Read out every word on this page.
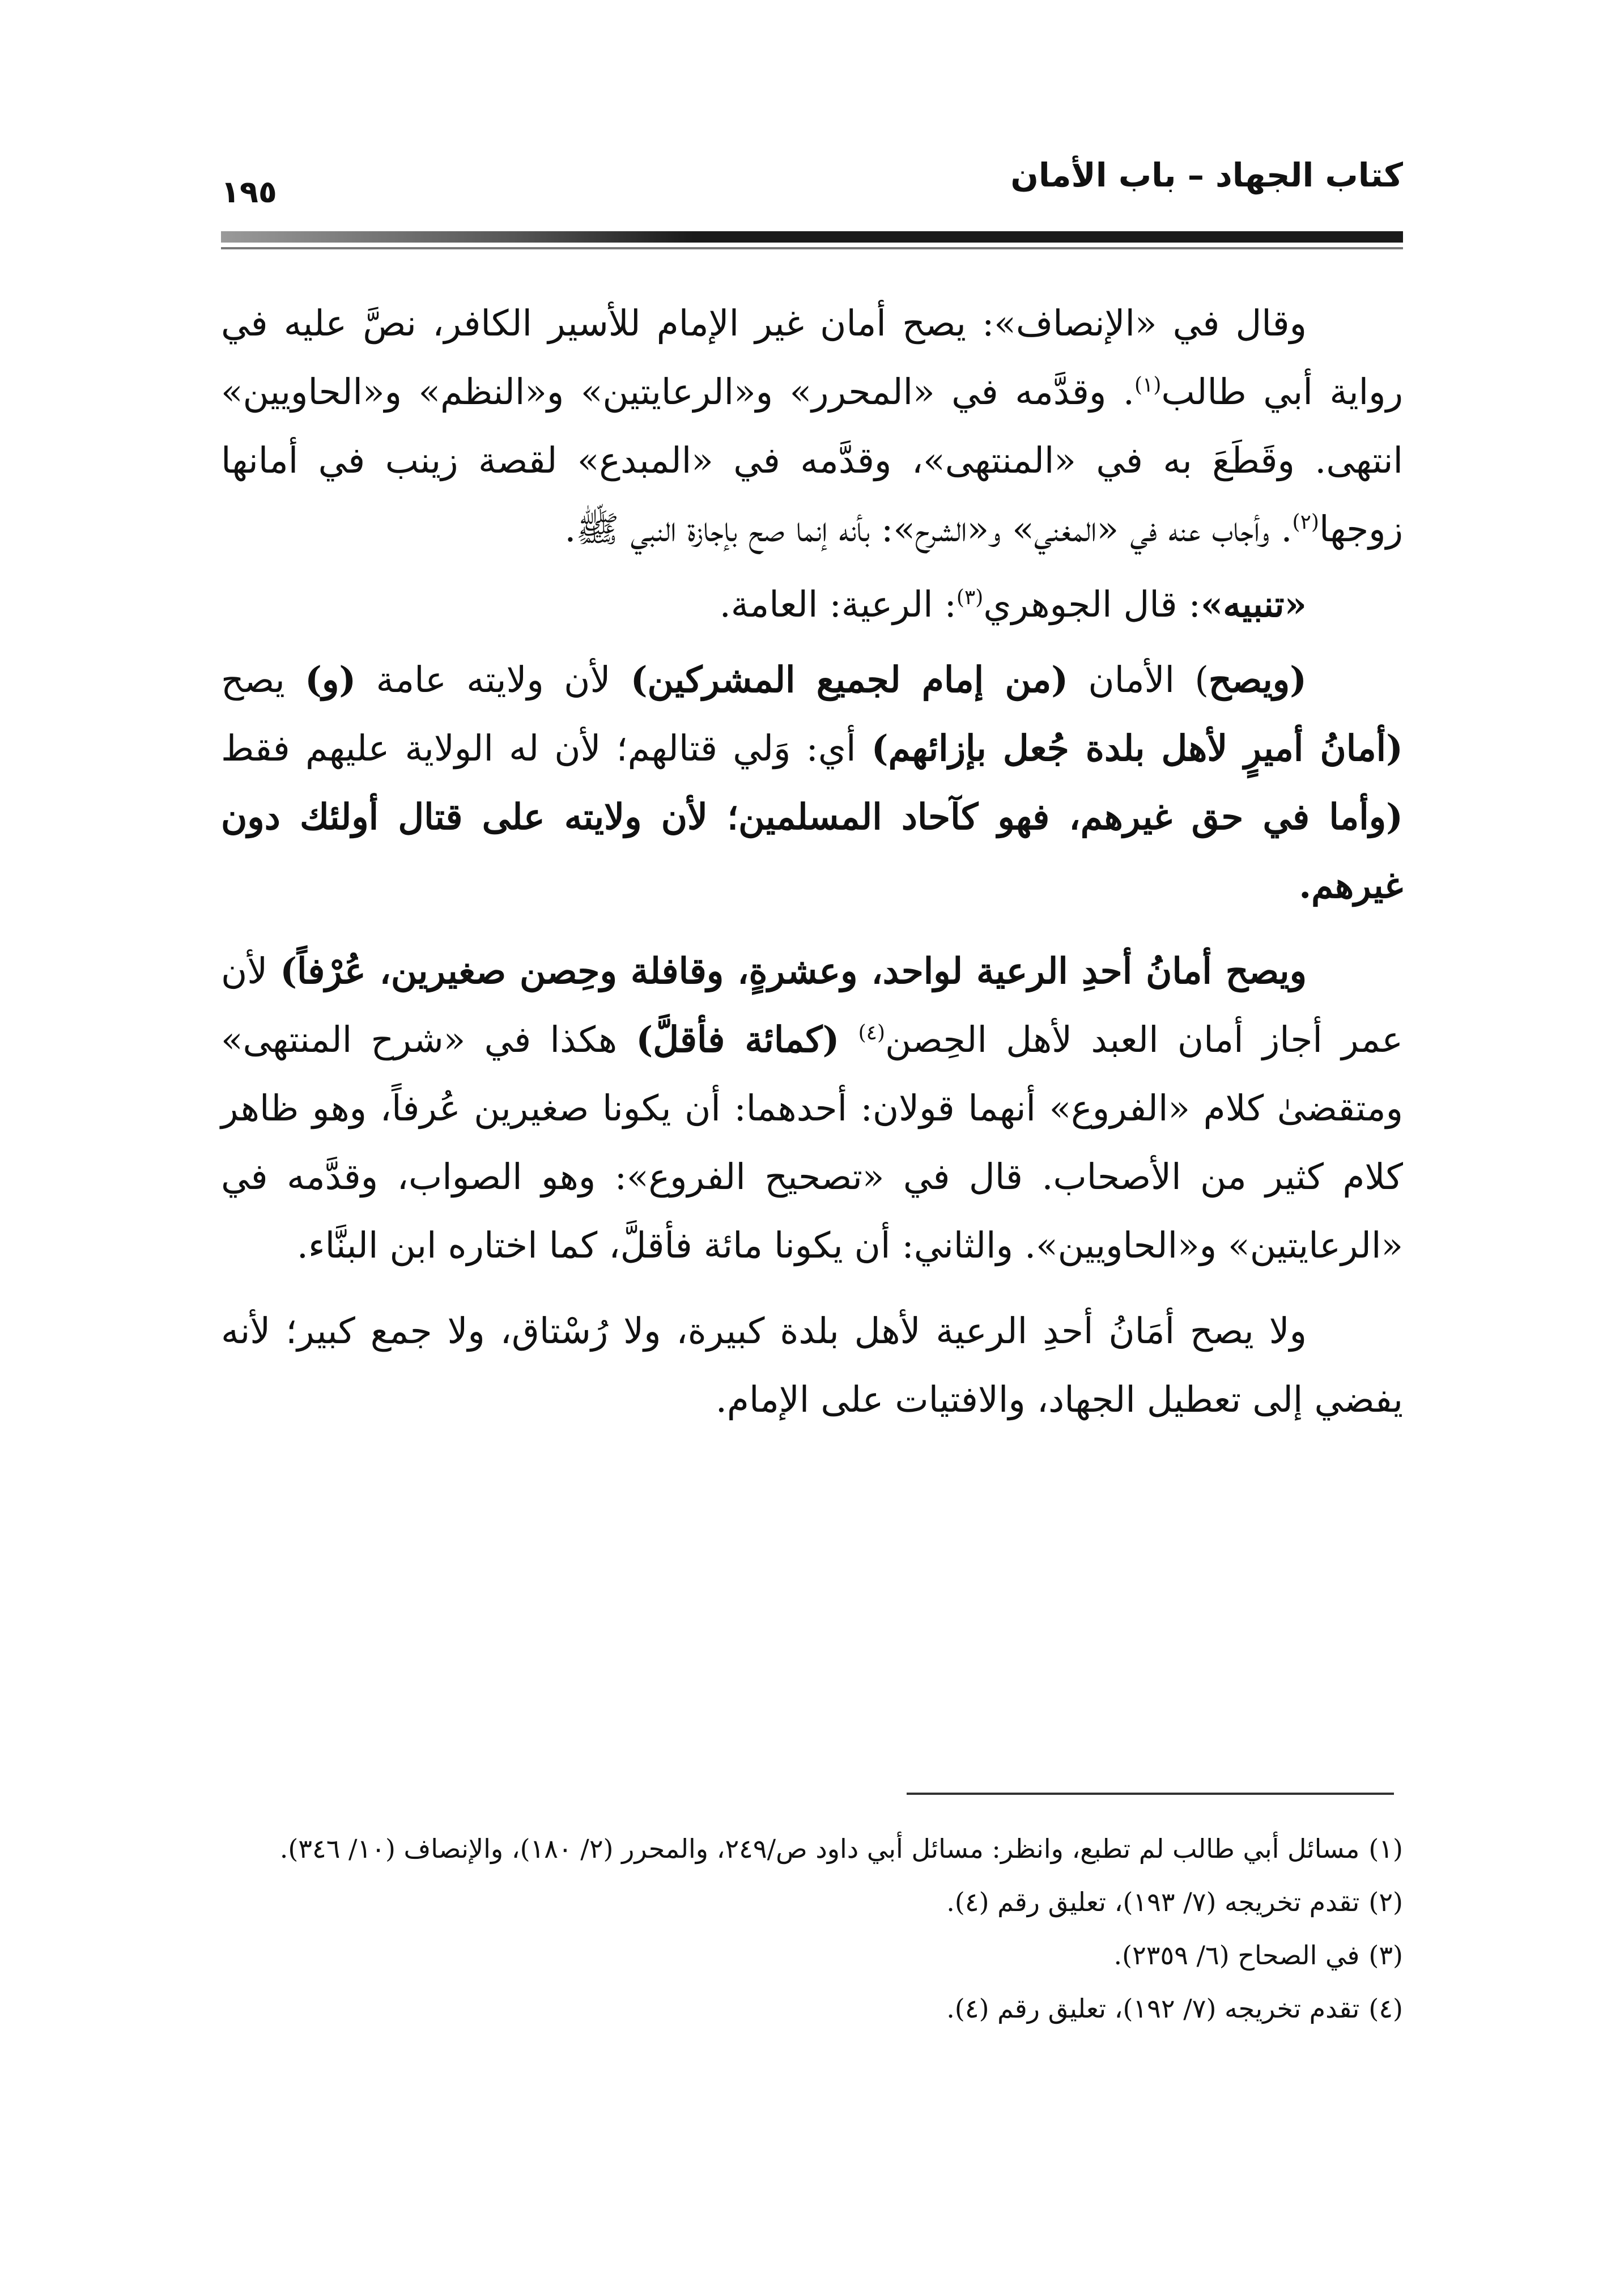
كتاب الجهاد – باب الأمان
١٩٥

وقال في «الإنصاف»: يصح أمان غير الإمام للأسير الكافر، نصَّ عليه في رواية أبي طالب$^{(١)}$. وقدَّمه في «المحرر» و«الرعايتين» و«النظم» و«الحاويين» انتهى. وقَطَعَ به في «المنتهى»، وقدَّمه في «المبدع» لقصة زينب في أمانها زوجها$^{(٢)}$. وأجاب عنه في «المغني» و«الشرح»: بأنه إنما صح بإجازة النبي ﷺ.

«تنبيه»: قال الجوهري$^{(٣)}$: الرعية: العامة.

(ويصح) الأمان (من إمام لجميع المشركين) لأن ولايته عامة (و) يصح (أمانُ أميرٍ لأهل بلدة جُعل بإزائهم) أي: وَلي قتالهم؛ لأن له الولاية عليهم فقط (وأما في حق غيرهم، فهو كآحاد المسلمين؛ لأن ولايته على قتال أولئك دون غيرهم.

ويصح أمانُ أحدِ الرعية لواحد، وعشرةٍ، وقافلة وحِصن صغيرين، عُرْفاً) لأن عمر أجاز أمان العبد لأهل الحِصن$^{(٤)}$ (كمائة فأقلَّ) هكذا في «شرح المنتهى» ومتقضىٰ كلام «الفروع» أنهما قولان: أحدهما: أن يكونا صغيرين عُرفاً، وهو ظاهر كلام كثير من الأصحاب. قال في «تصحيح الفروع»: وهو الصواب، وقدَّمه في «الرعايتين» و«الحاويين». والثاني: أن يكونا مائة فأقلَّ، كما اختاره ابن البنَّاء.

ولا يصح أمَانُ أحدِ الرعية لأهل بلدة كبيرة، ولا رُسْتاق، ولا جمع كبير؛ لأنه يفضي إلى تعطيل الجهاد، والافتيات على الإمام.

(١)مسائل أبي طالب لم تطبع، وانظر: مسائل أبي داود ص/٢٤٩، والمحرر (٢/ ١٨٠)، والإنصاف (١٠/ ٣٤٦).

(٢)تقدم تخريجه (٧/ ١٩٣)، تعليق رقم (٤).

(٣)في الصحاح (٦/ ٢٣٥٩).

(٤)تقدم تخريجه (٧/ ١٩٢)، تعليق رقم (٤).
